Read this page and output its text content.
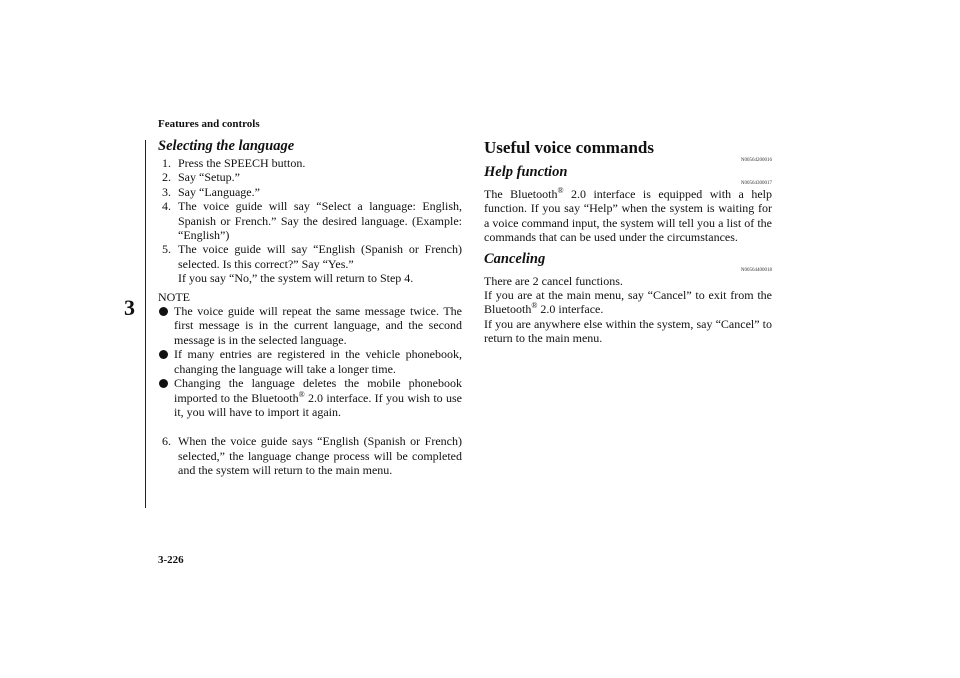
Features and controls
3
3-226
Selecting the language
1. Press the SPEECH button.
2. Say “Setup.”
3. Say “Language.”
4. The voice guide will say “Select a language: English, Spanish or French.” Say the desired language. (Example: “English”)
5. The voice guide will say “English (Spanish or French) selected. Is this correct?” Say “Yes.”
If you say “No,” the system will return to Step 4.
NOTE
The voice guide will repeat the same message twice. The first message is in the current language, and the second message is in the selected language.
If many entries are registered in the vehicle phonebook, changing the language will take a longer time.
Changing the language deletes the mobile phonebook imported to the Bluetooth® 2.0 interface. If you wish to use it, you will have to import it again.
6. When the voice guide says “English (Spanish or French) selected,” the language change process will be completed and the system will return to the main menu.
Useful voice commands
N00564200016
Help function
N00564300017

The Bluetooth® 2.0 interface is equipped with a help function. If you say “Help” when the system is waiting for a voice command input, the system will tell you a list of the commands that can be used under the circumstances.

Canceling
N00564400018

There are 2 cancel functions.

If you are at the main menu, say “Cancel” to exit from the Bluetooth® 2.0 interface.

If you are anywhere else within the system, say “Cancel” to return to the main menu.
